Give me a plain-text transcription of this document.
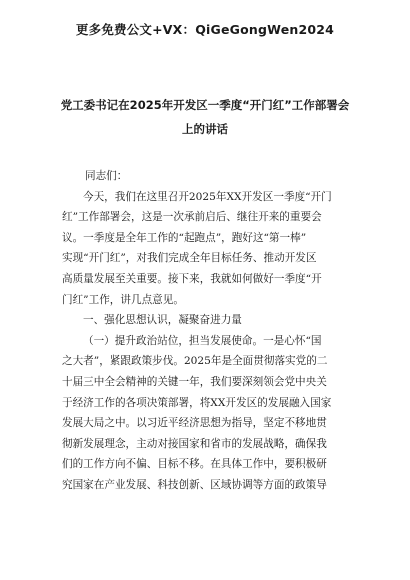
更多免费公文+VX：QiGeGongWen2024
党工委书记在2025年开发区一季度“开门红”工作部署会
上的讲话
同志们：
今天，我们在这里召开2025年XX开发区一季度“开门
红”工作部署会，这是一次承前启后、继往开来的重要会
议。一季度是全年工作的“起跑点”，跑好这“第一棒”
实现“开门红”，对我们完成全年目标任务、推动开发区
高质量发展至关重要。接下来，我就如何做好一季度“开
门红”工作，讲几点意见。
一、强化思想认识，凝聚奋进力量
（一）提升政治站位，担当发展使命。一是心怀“国
之大者”，紧跟政策步伐。2025年是全面贯彻落实党的二
十届三中全会精神的关键一年，我们要深刻领会党中央关
于经济工作的各项决策部署，将XX开发区的发展融入国家
发展大局之中。以习近平经济思想为指导，坚定不移地贯
彻新发展理念，主动对接国家和省市的发展战略，确保我
们的工作方向不偏、目标不移。在具体工作中，要积极研
究国家在产业发展、科技创新、区域协调等方面的政策导
